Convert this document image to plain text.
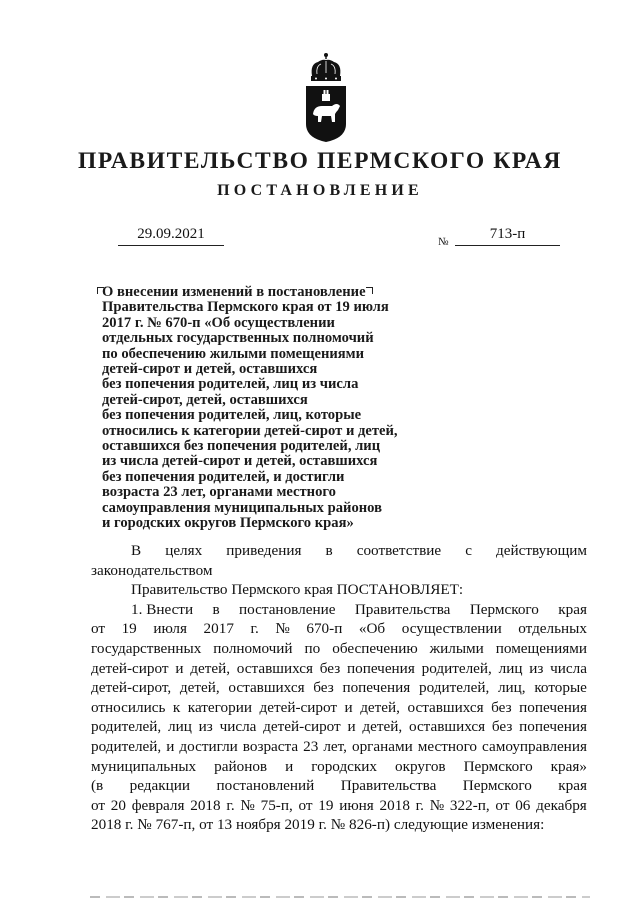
ПРАВИТЕЛЬСТВО ПЕРМСКОГО КРАЯ
ПОСТАНОВЛЕНИЕ
29.09.2021	№	713-п
О внесении изменений в постановление
Правительства Пермского края от 19 июля
2017 г. № 670-п «Об осуществлении
отдельных государственных полномочий
по обеспечению жилыми помещениями
детей-сирот и детей, оставшихся
без попечения родителей, лиц из числа
детей-сирот, детей, оставшихся
без попечения родителей, лиц, которые
относились к категории детей-сирот и детей,
оставшихся без попечения родителей, лиц
из числа детей-сирот и детей, оставшихся
без попечения родителей, и достигли
возраста 23 лет, органами местного
самоуправления муниципальных районов
и городских округов Пермского края»
В целях приведения в соответствие с действующим
законодательством
Правительство Пермского края ПОСТАНОВЛЯЕТ:
1. Внести в постановление Правительства Пермского края
от 19 июля 2017 г. № 670-п «Об осуществлении отдельных
государственных полномочий по обеспечению жилыми помещениями
детей-сирот и детей, оставшихся без попечения родителей, лиц из числа
детей-сирот, детей, оставшихся без попечения родителей, лиц, которые
относились к категории детей-сирот и детей, оставшихся без попечения
родителей, лиц из числа детей-сирот и детей, оставшихся без попечения
родителей, и достигли возраста 23 лет, органами местного самоуправления
муниципальных районов и городских округов Пермского края»
(в редакции постановлений Правительства Пермского края
от 20 февраля 2018 г. № 75-п, от 19 июня 2018 г. № 322-п, от 06 декабря
2018 г. № 767-п, от 13 ноября 2019 г. № 826-п) следующие изменения:
